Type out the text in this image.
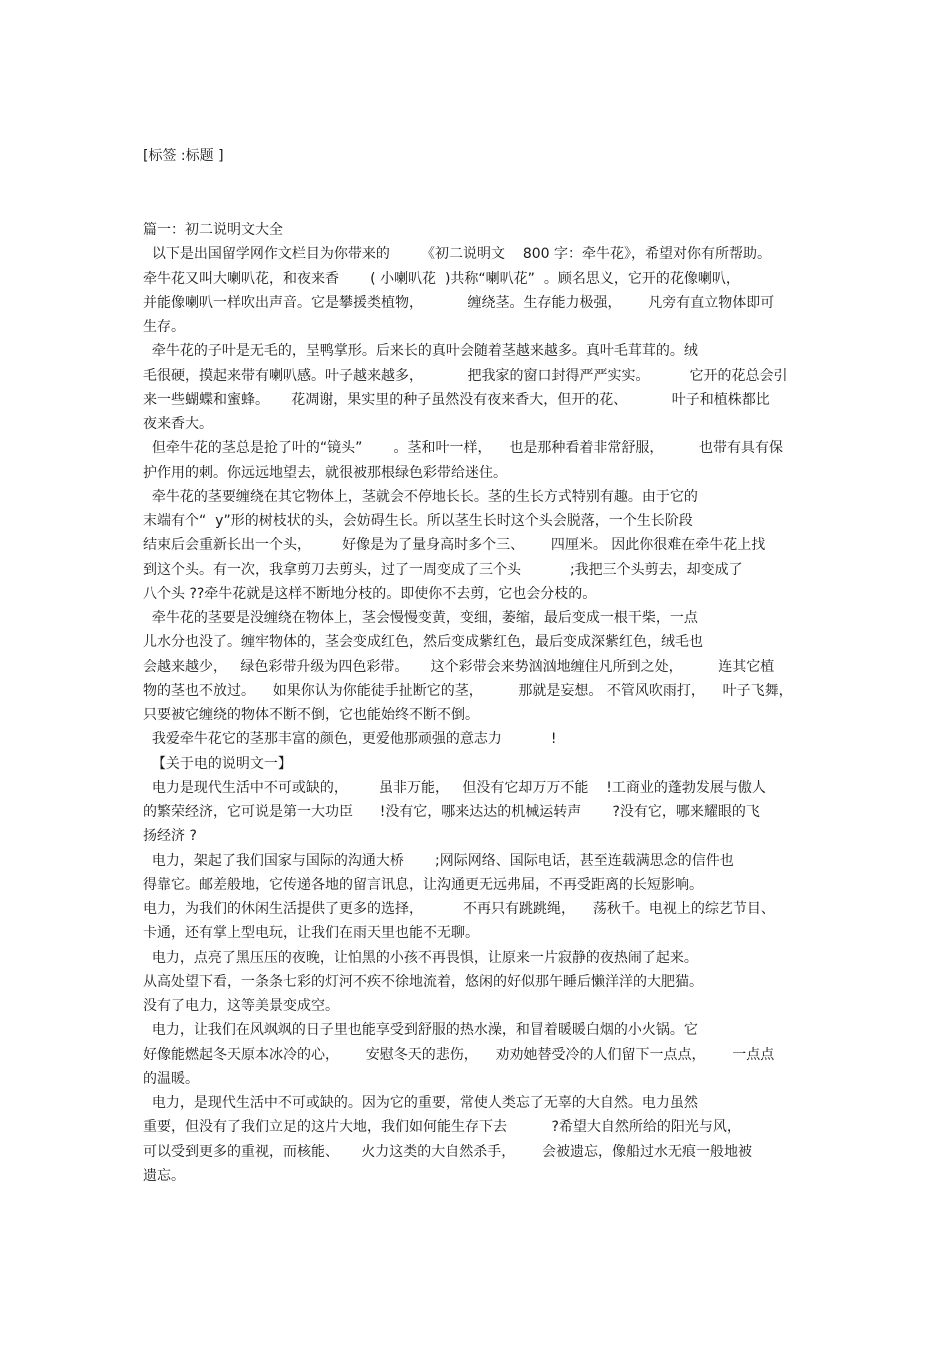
[标签 :标题 ]
篇一：初二说明文大全
以下是出国留学网作文栏目为你带来的       《初二说明文    800 字：牵牛花》，希望对你有所帮助。
牵牛花又叫大喇叭花，和夜来香       ( 小喇叭花  )共称“喇叭花”  。顾名思义，它开的花像喇叭，
并能像喇叭一样吹出声音。它是攀援类植物，          缠绕茎。生存能力极强，      凡旁有直立物体即可
生存。
牵牛花的子叶是无毛的，呈鸭掌形。后来长的真叶会随着茎越来越多。真叶毛茸茸的。绒
毛很硬，摸起来带有喇叭感。叶子越来越多，          把我家的窗口封得严严实实。         它开的花总会引
来一些蝴蝶和蜜蜂。     花凋谢，果实里的种子虽然没有夜来香大，但开的花、          叶子和植株都比
夜来香大。
但牵牛花的茎总是抢了叶的“镜头”       。茎和叶一样，    也是那种看着非常舒服，        也带有具有保
护作用的刺。你远远地望去，就很被那根绿色彩带给迷住。
牵牛花的茎要缠绕在其它物体上，茎就会不停地长长。茎的生长方式特别有趣。由于它的
末端有个“  y”形的树枝状的头，会妨碍生长。所以茎生长时这个头会脱落，一个生长阶段
结束后会重新长出一个头，       好像是为了量身高时多个三、      四厘米。 因此你很难在牵牛花上找
到这个头。有一次，我拿剪刀去剪头，过了一周变成了三个头           ;我把三个头剪去，却变成了
八个头 ??牵牛花就是这样不断地分枝的。即使你不去剪，它也会分枝的。
牵牛花的茎要是没缠绕在物体上，茎会慢慢变黄，变细，萎缩，最后变成一根干柴，一点
儿水分也没了。缠牢物体的，茎会变成红色，然后变成紫红色，最后变成深紫红色，绒毛也
会越来越少，   绿色彩带升级为四色彩带。     这个彩带会来势汹汹地缠住凡所到之处，        连其它植
物的茎也不放过。    如果你认为你能徒手扯断它的茎，        那就是妄想。 不管风吹雨打，    叶子飞舞，
只要被它缠绕的物体不断不倒，它也能始终不断不倒。
我爱牵牛花它的茎那丰富的颜色，更爱他那顽强的意志力           !
【关于电的说明文一】
电力是现代生活中不可或缺的，       虽非万能，   但没有它却万万不能    !工商业的蓬勃发展与傲人
的繁荣经济，它可说是第一大功臣      !没有它，哪来达达的机械运转声       ?没有它，哪来耀眼的飞
扬经济 ?
电力，架起了我们国家与国际的沟通大桥       ;网际网络、国际电话，甚至连载满思念的信件也
得靠它。邮差般地，它传递各地的留言讯息，让沟通更无远弗届，不再受距离的长短影响。
电力，为我们的休闲生活提供了更多的选择，         不再只有跳跳绳，    荡秋千。电视上的综艺节目、
卡通，还有掌上型电玩，让我们在雨天里也能不无聊。
电力，点亮了黑压压的夜晚，让怕黑的小孩不再畏惧，让原来一片寂静的夜热闹了起来。
从高处望下看，一条条七彩的灯河不疾不徐地流着，悠闲的好似那午睡后懒洋洋的大肥猫。
没有了电力，这等美景变成空。
电力，让我们在风飒飒的日子里也能享受到舒服的热水澡，和冒着暖暖白烟的小火锅。它
好像能燃起冬天原本冰冷的心，      安慰冬天的悲伤，    劝劝她替受冷的人们留下一点点，      一点点
的温暖。
电力，是现代生活中不可或缺的。因为它的重要，常使人类忘了无辜的大自然。电力虽然
重要，但没有了我们立足的这片大地，我们如何能生存下去          ?希望大自然所给的阳光与风，
可以受到更多的重视，而核能、     火力这类的大自然杀手，      会被遗忘，像船过水无痕一般地被
遗忘。
